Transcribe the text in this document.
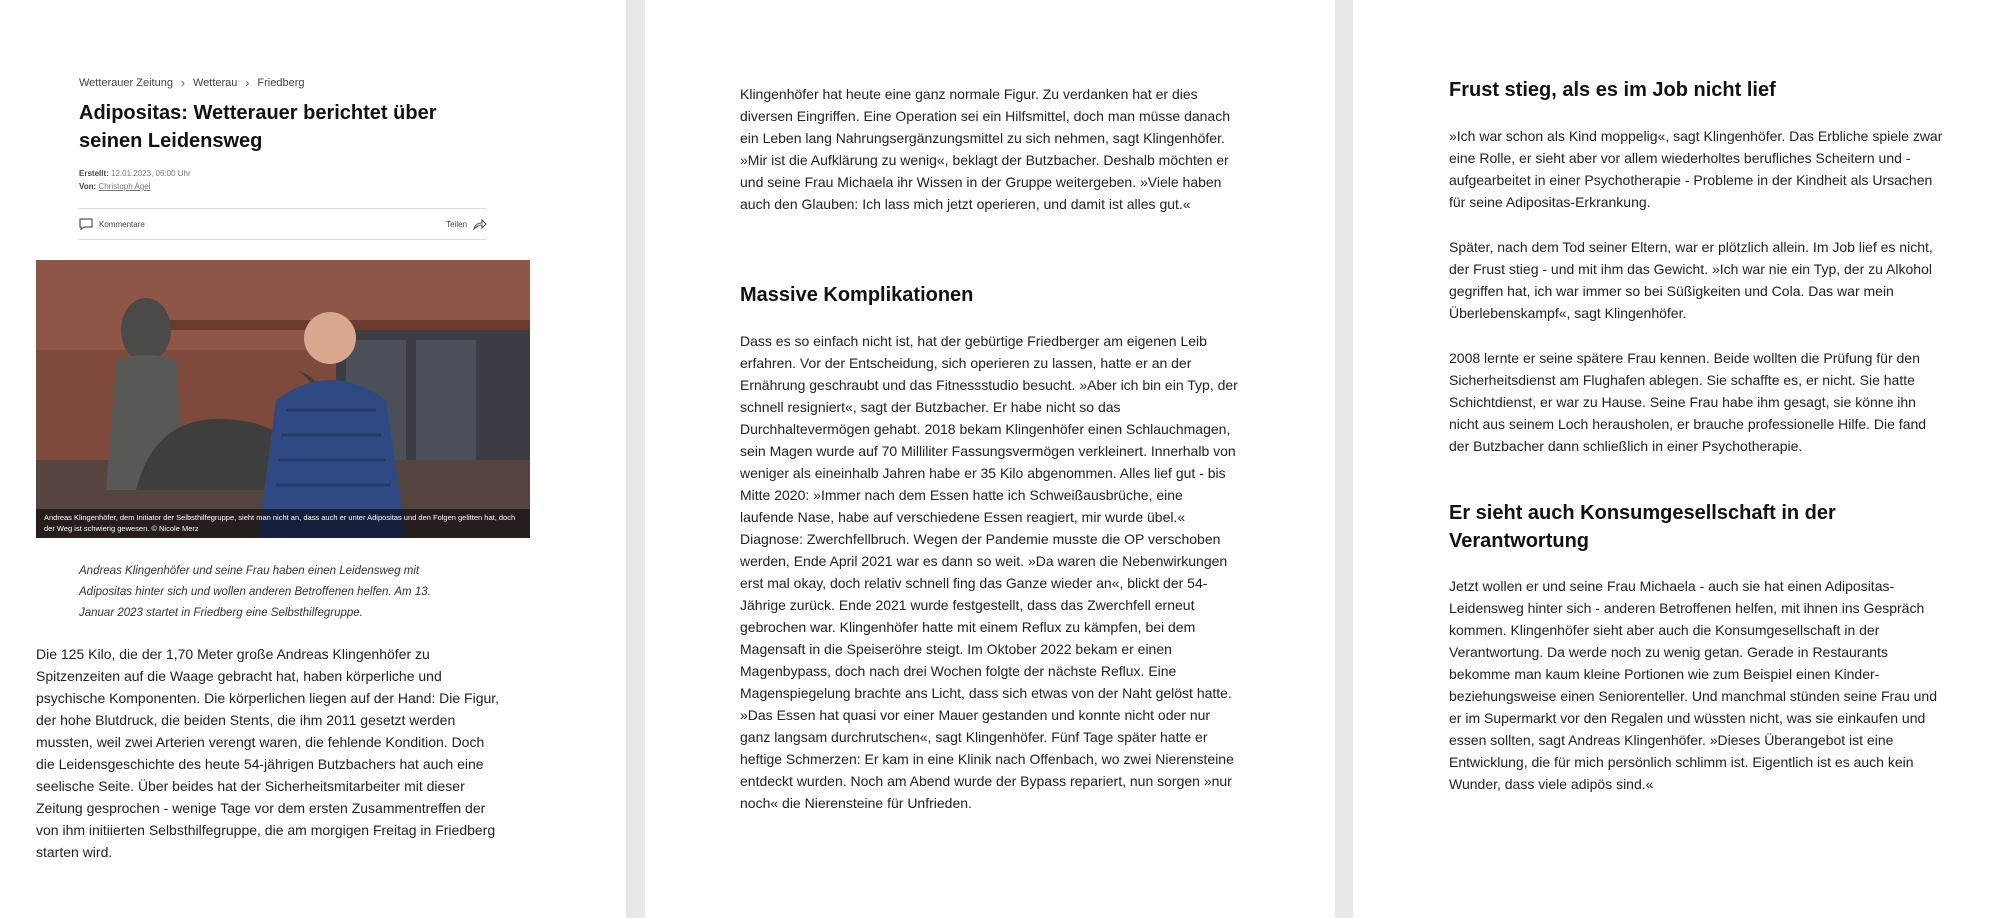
Wetterauer Zeitung › Wetterau › Friedberg
Adipositas: Wetterauer berichtet über seinen Leidensweg
Erstellt: 12.01.2023, 06:00 Uhr
Von: Christoph Agel
Kommentare	Teilen
Andreas Klingenhöfer, dem Initiator der Selbsthilfegruppe, sieht man nicht an, dass auch er unter Adipositas und den Folgen gelitten hat, doch der Weg ist schwierig gewesen. © Nicole Merz

Andreas Klingenhöfer und seine Frau haben einen Leidensweg mit Adipositas hinter sich und wollen anderen Betroffenen helfen. Am 13. Januar 2023 startet in Friedberg eine Selbsthilfegruppe.

Die 125 Kilo, die der 1,70 Meter große Andreas Klingenhöfer zu Spitzenzeiten auf die Waage gebracht hat, haben körperliche und psychische Komponenten. Die körperlichen liegen auf der Hand: Die Figur, der hohe Blutdruck, die beiden Stents, die ihm 2011 gesetzt werden mussten, weil zwei Arterien verengt waren, die fehlende Kondition. Doch die Leidensgeschichte des heute 54-jährigen Butzbachers hat auch eine seelische Seite. Über beides hat der Sicherheitsmitarbeiter mit dieser Zeitung gesprochen - wenige Tage vor dem ersten Zusammentreffen der von ihm initiierten Selbsthilfegruppe, die am morgigen Freitag in Friedberg starten wird.

Klingenhöfer hat heute eine ganz normale Figur. Zu verdanken hat er dies diversen Eingriffen. Eine Operation sei ein Hilfsmittel, doch man müsse danach ein Leben lang Nahrungsergänzungsmittel zu sich nehmen, sagt Klingenhöfer. »Mir ist die Aufklärung zu wenig«, beklagt der Butzbacher. Deshalb möchten er und seine Frau Michaela ihr Wissen in der Gruppe weitergeben. »Viele haben auch den Glauben: Ich lass mich jetzt operieren, und damit ist alles gut.«

Massive Komplikationen

Dass es so einfach nicht ist, hat der gebürtige Friedberger am eigenen Leib erfahren. Vor der Entscheidung, sich operieren zu lassen, hatte er an der Ernährung geschraubt und das Fitnessstudio besucht. »Aber ich bin ein Typ, der schnell resigniert«, sagt der Butzbacher. Er habe nicht so das Durchhaltevermögen gehabt. 2018 bekam Klingenhöfer einen Schlauchmagen, sein Magen wurde auf 70 Milliliter Fassungsvermögen verkleinert. Innerhalb von weniger als eineinhalb Jahren habe er 35 Kilo abgenommen. Alles lief gut - bis Mitte 2020: »Immer nach dem Essen hatte ich Schweißausbrüche, eine laufende Nase, habe auf verschiedene Essen reagiert, mir wurde übel.« Diagnose: Zwerchfellbruch. Wegen der Pandemie musste die OP verschoben werden, Ende April 2021 war es dann so weit. »Da waren die Nebenwirkungen erst mal okay, doch relativ schnell fing das Ganze wieder an«, blickt der 54-Jährige zurück. Ende 2021 wurde festgestellt, dass das Zwerchfell erneut gebrochen war. Klingenhöfer hatte mit einem Reflux zu kämpfen, bei dem Magensaft in die Speiseröhre steigt. Im Oktober 2022 bekam er einen Magenbypass, doch nach drei Wochen folgte der nächste Reflux. Eine Magenspiegelung brachte ans Licht, dass sich etwas von der Naht gelöst hatte. »Das Essen hat quasi vor einer Mauer gestanden und konnte nicht oder nur ganz langsam durchrutschen«, sagt Klingenhöfer. Fünf Tage später hatte er heftige Schmerzen: Er kam in eine Klinik nach Offenbach, wo zwei Nierensteine entdeckt wurden. Noch am Abend wurde der Bypass repariert, nun sorgen »nur noch« die Nierensteine für Unfrieden.

Frust stieg, als es im Job nicht lief

»Ich war schon als Kind moppelig«, sagt Klingenhöfer. Das Erbliche spiele zwar eine Rolle, er sieht aber vor allem wiederholtes berufliches Scheitern und - aufgearbeitet in einer Psychotherapie - Probleme in der Kindheit als Ursachen für seine Adipositas-Erkrankung.

Später, nach dem Tod seiner Eltern, war er plötzlich allein. Im Job lief es nicht, der Frust stieg - und mit ihm das Gewicht. »Ich war nie ein Typ, der zu Alkohol gegriffen hat, ich war immer so bei Süßigkeiten und Cola. Das war mein Überlebenskampf«, sagt Klingenhöfer.

2008 lernte er seine spätere Frau kennen. Beide wollten die Prüfung für den Sicherheitsdienst am Flughafen ablegen. Sie schaffte es, er nicht. Sie hatte Schichtdienst, er war zu Hause. Seine Frau habe ihm gesagt, sie könne ihn nicht aus seinem Loch herausholen, er brauche professionelle Hilfe. Die fand der Butzbacher dann schließlich in einer Psychotherapie.

Er sieht auch Konsumgesellschaft in der Verantwortung

Jetzt wollen er und seine Frau Michaela - auch sie hat einen Adipositas-Leidensweg hinter sich - anderen Betroffenen helfen, mit ihnen ins Gespräch kommen. Klingenhöfer sieht aber auch die Konsumgesellschaft in der Verantwortung. Da werde noch zu wenig getan. Gerade in Restaurants bekomme man kaum kleine Portionen wie zum Beispiel einen Kinder- beziehungsweise einen Seniorenteller. Und manchmal stünden seine Frau und er im Supermarkt vor den Regalen und wüssten nicht, was sie einkaufen und essen sollten, sagt Andreas Klingenhöfer. »Dieses Überangebot ist eine Entwicklung, die für mich persönlich schlimm ist. Eigentlich ist es auch kein Wunder, dass viele adipös sind.«
